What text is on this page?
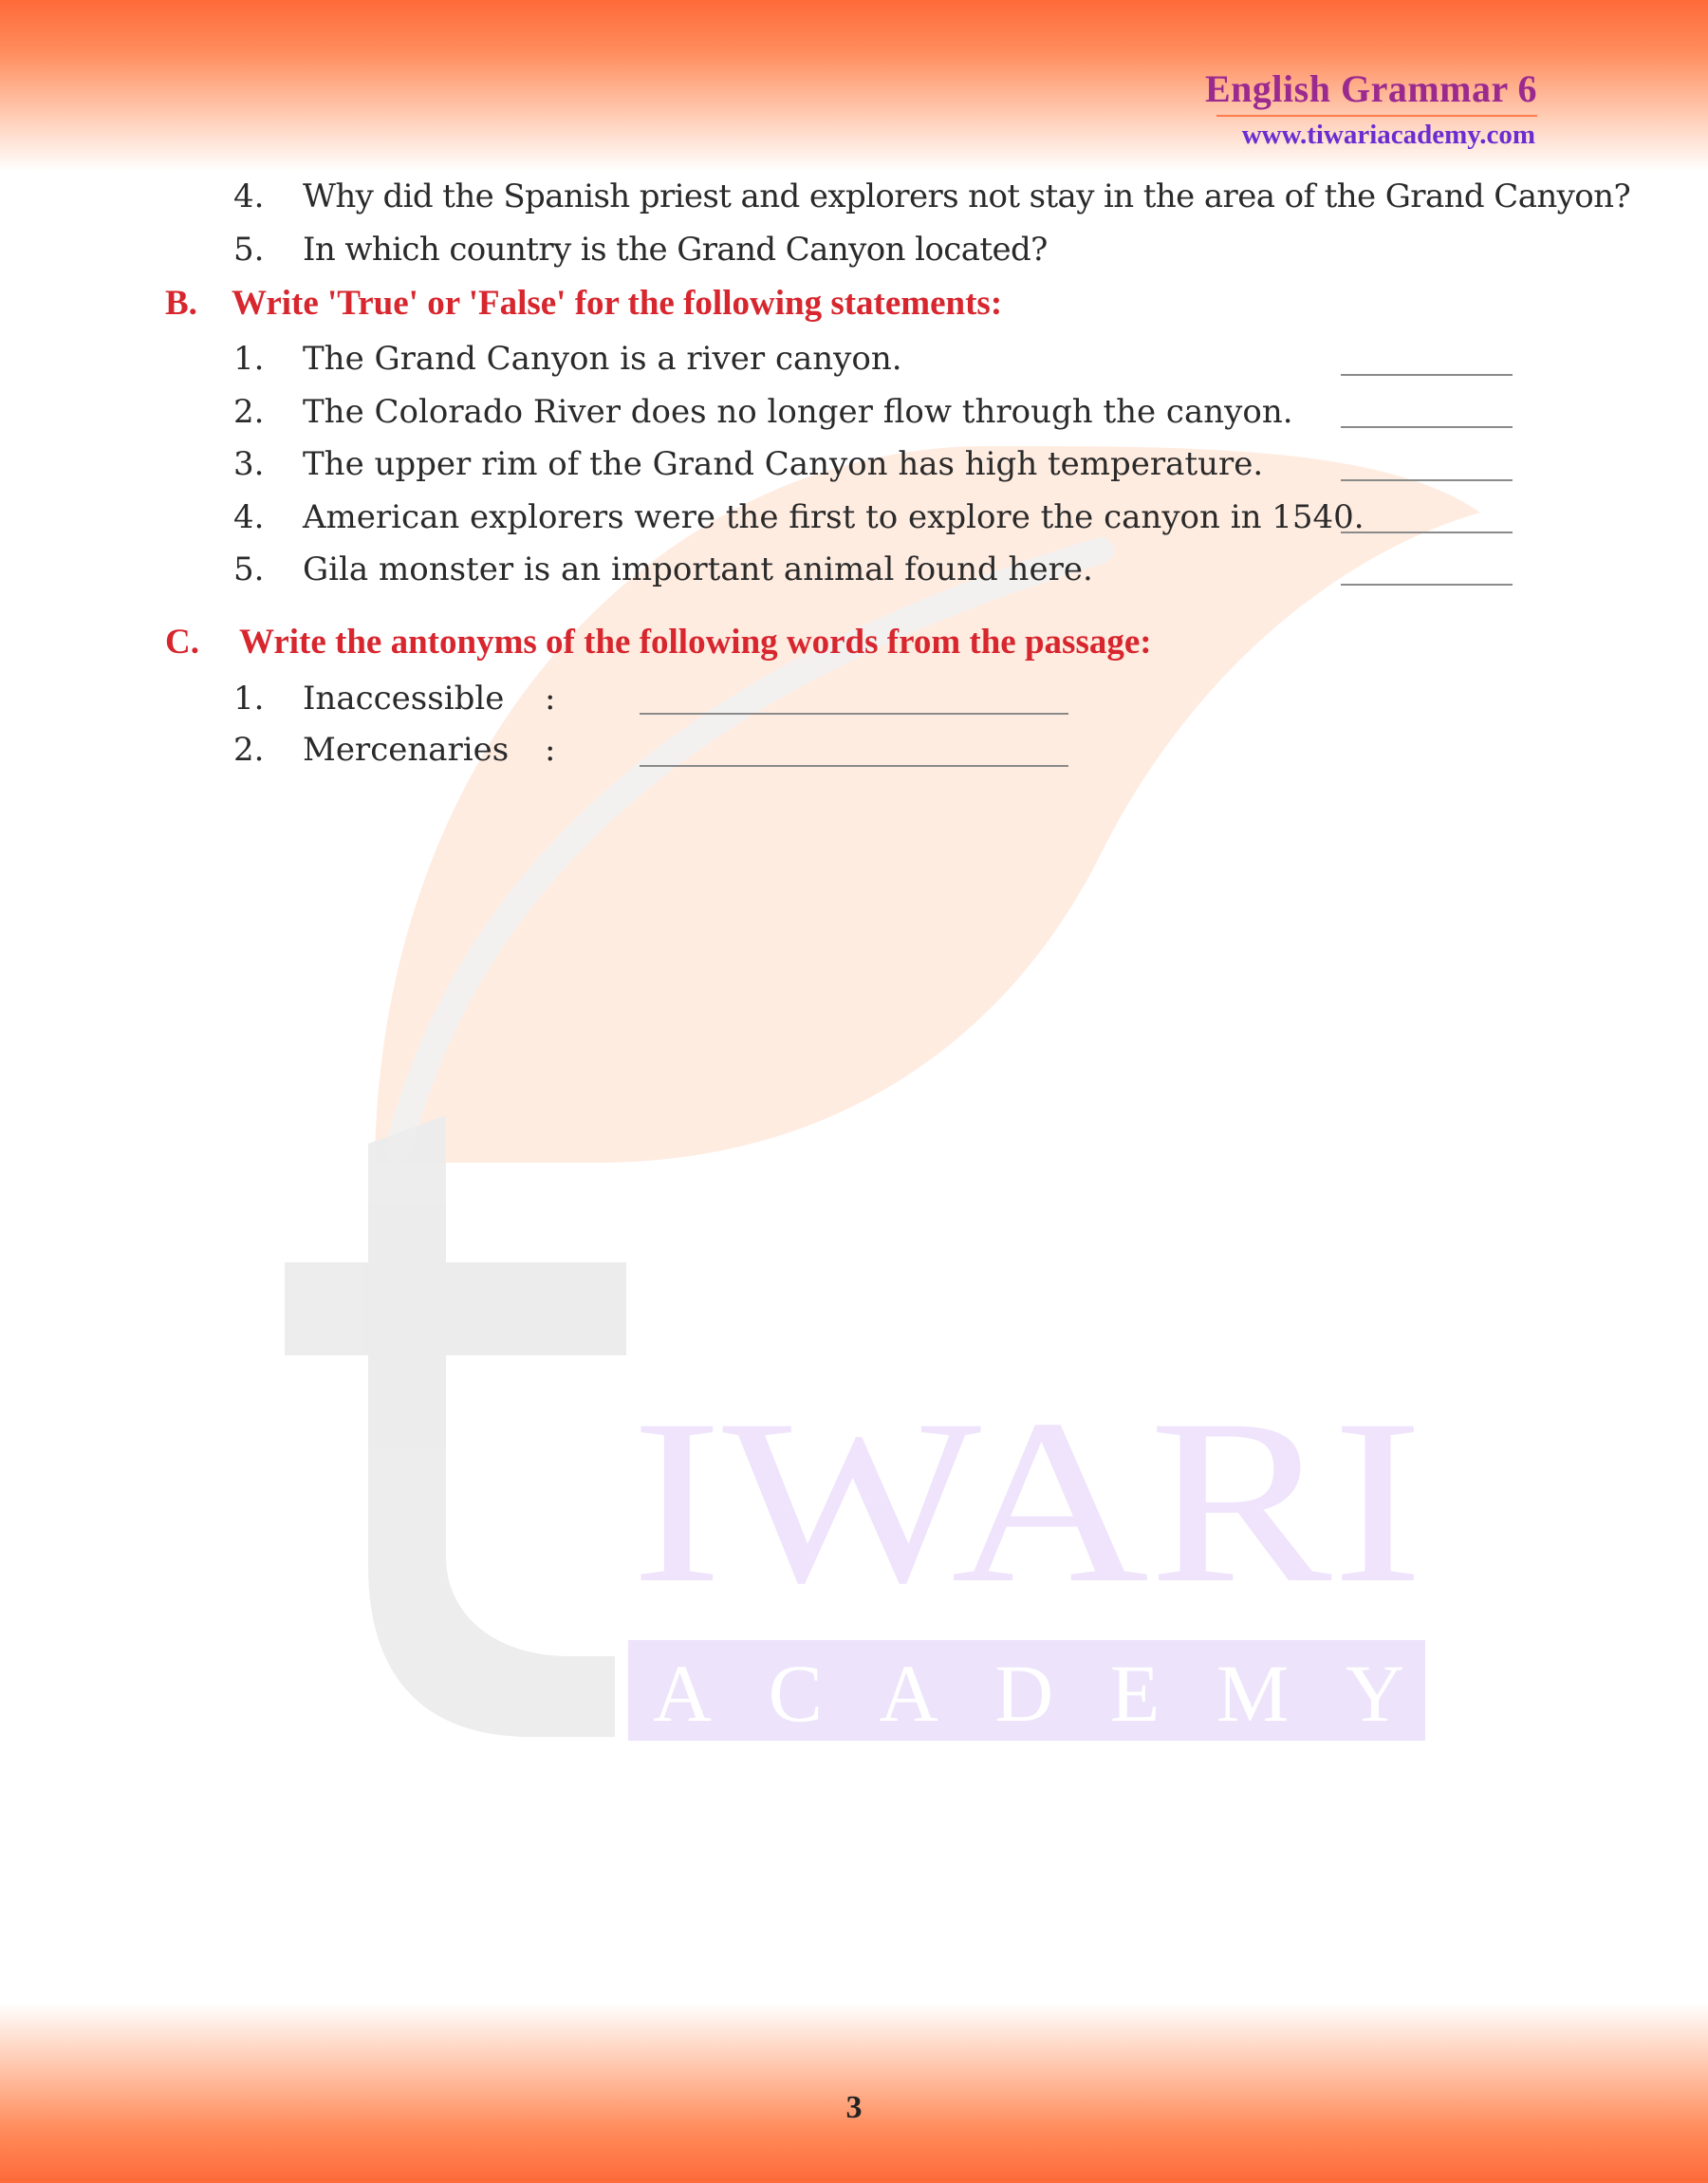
IWARI
ACADEMY
English Grammar 6
www.tiwariacademy.com
4. Why did the Spanish priest and explorers not stay in the area of the Grand Canyon?
5. In which country is the Grand Canyon located?
B. Write 'True' or 'False' for the following statements:
1. The Grand Canyon is a river canyon.
2. The Colorado River does no longer flow through the canyon.
3. The upper rim of the Grand Canyon has high temperature.
4. American explorers were the first to explore the canyon in 1540.
5. Gila monster is an important animal found here.
C. Write the antonyms of the following words from the passage:
1. Inaccessible :
2. Mercenaries :
3
